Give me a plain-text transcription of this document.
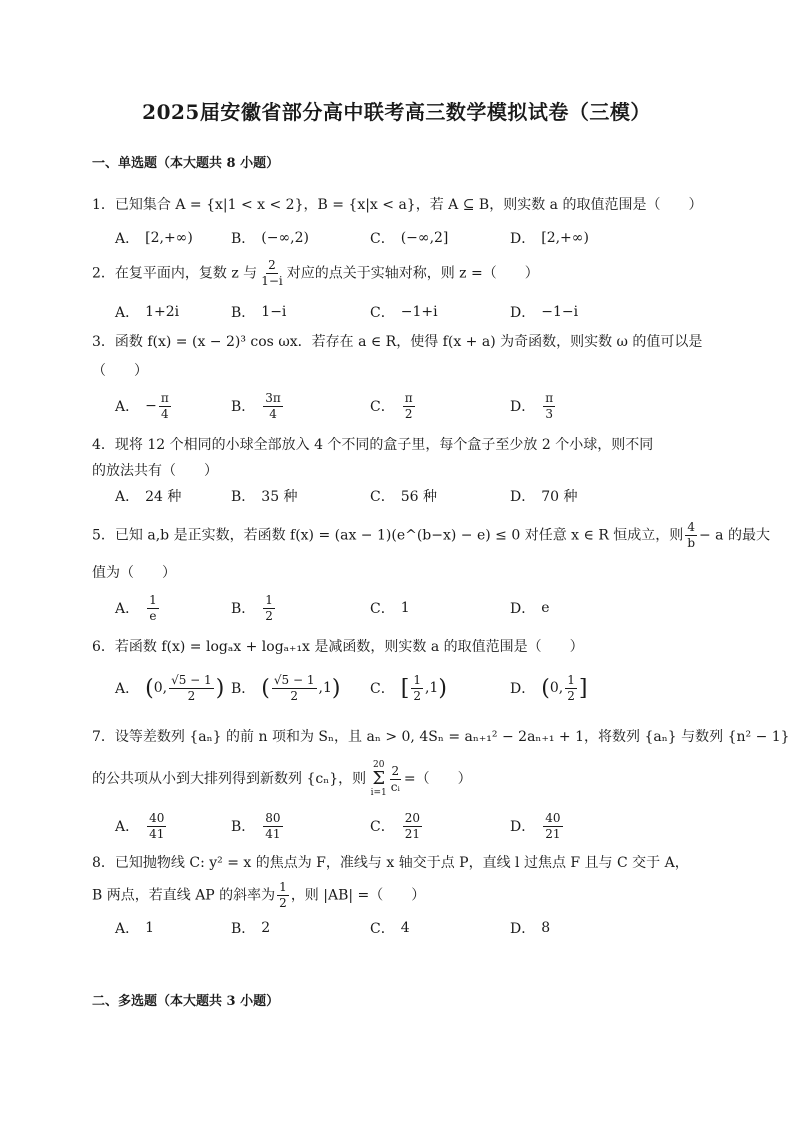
2025届安徽省部分高中联考高三数学模拟试卷（三模）
一、单选题（本大题共 8 小题）
1．已知集合 A = {x|1 < x < 2}，B = {x|x < a}，若 A ⊆ B，则实数 a 的取值范围是（　　）
A． [2,+∞)	B． (−∞,2)	C． (−∞,2]	D． [2,+∞)
2．在复平面内，复数 z 与 $\frac{2}{1-i}$ 对应的点关于实轴对称，则 z =（　　）
A． 1+2i	B． 1−i	C． −1+i	D． −1−i
3．函数 f(x) = (x − 2)³ cos ωx．若存在 a ∈ R，使得 f(x + a) 为奇函数，则实数 ω 的值可以是
（　　）
A． − $\frac{\pi}{4}$	B． $\frac{3\pi}{4}$	C． $\frac{\pi}{2}$	D． $\frac{\pi}{3}$
4．现将 12 个相同的小球全部放入 4 个不同的盒子里，每个盒子至少放 2 个小球，则不同
的放法共有（　　）
A． 24 种	B． 35 种	C． 56 种	D． 70 种
5．已知 a,b 是正实数，若函数 f(x) = (ax − 1)(e^(b−x) − e) ≤ 0 对任意 x ∈ R 恒成立，则 $\frac{4}{b} - a$ 的最大
值为（　　）
A． $\frac{1}{e}$	B． $\frac{1}{2}$	C． 1	D． e
6．若函数 f(x) = logₐx + logₐ₊₁x 是减函数，则实数 a 的取值范围是（　　）
A． ( 0, $\frac{√5 - 1}{2}$ ) B． ( $\frac{√5 - 1}{2} ,1$ ) C． [ $\frac{1}{2} ,1$ )	D． ( 0, $\frac{1}{2}$ ]
7．设等差数列 {aₙ} 的前 n 项和为 Sₙ，且 aₙ > 0, 4Sₙ = aₙ₊₁² − 2aₙ₊₁ + 1，将数列 {aₙ} 与数列 {n² − 1}
的公共项从小到大排列得到新数列 {cₙ}，则
20
Σ
$i=1 \frac{2}{\text{cᵢ}}$ =（　　）
A． $\frac{40}{41}$	B． $\frac{80}{41}$	C． $\frac{20}{21}$	D． $\frac{40}{21}$
8．已知抛物线 C: y² = x 的焦点为 F，准线与 x 轴交于点 P，直线 l 过焦点 F 且与 C 交于 A，
B 两点，若直线 AP 的斜率为 $\frac{1}{2}$ ，则 |AB| =（　　）
A． 1	B． 2	C． 4	D． 8
二、多选题（本大题共 3 小题）
